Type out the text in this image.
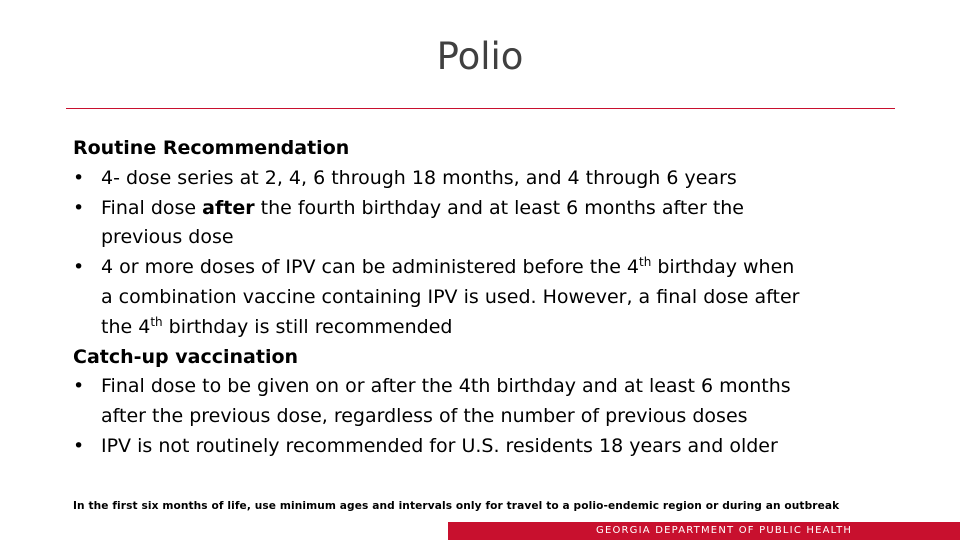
Polio

Routine Recommendation

• 4- dose series at 2, 4, 6 through 18 months, and 4 through 6 years
• Final dose after the fourth birthday and at least 6 months after the
previous dose
• 4 or more doses of IPV can be administered before the 4th birthday when
a combination vaccine containing IPV is used. However, a final dose after
the 4th birthday is still recommended

Catch-up vaccination

• Final dose to be given on or after the 4th birthday and at least 6 months
after the previous dose, regardless of the number of previous doses
• IPV is not routinely recommended for U.S. residents 18 years and older
In the first six months of life, use minimum ages and intervals only for travel to a polio-endemic region or during an outbreak
GEORGIA DEPARTMENT OF PUBLIC HEALTH
